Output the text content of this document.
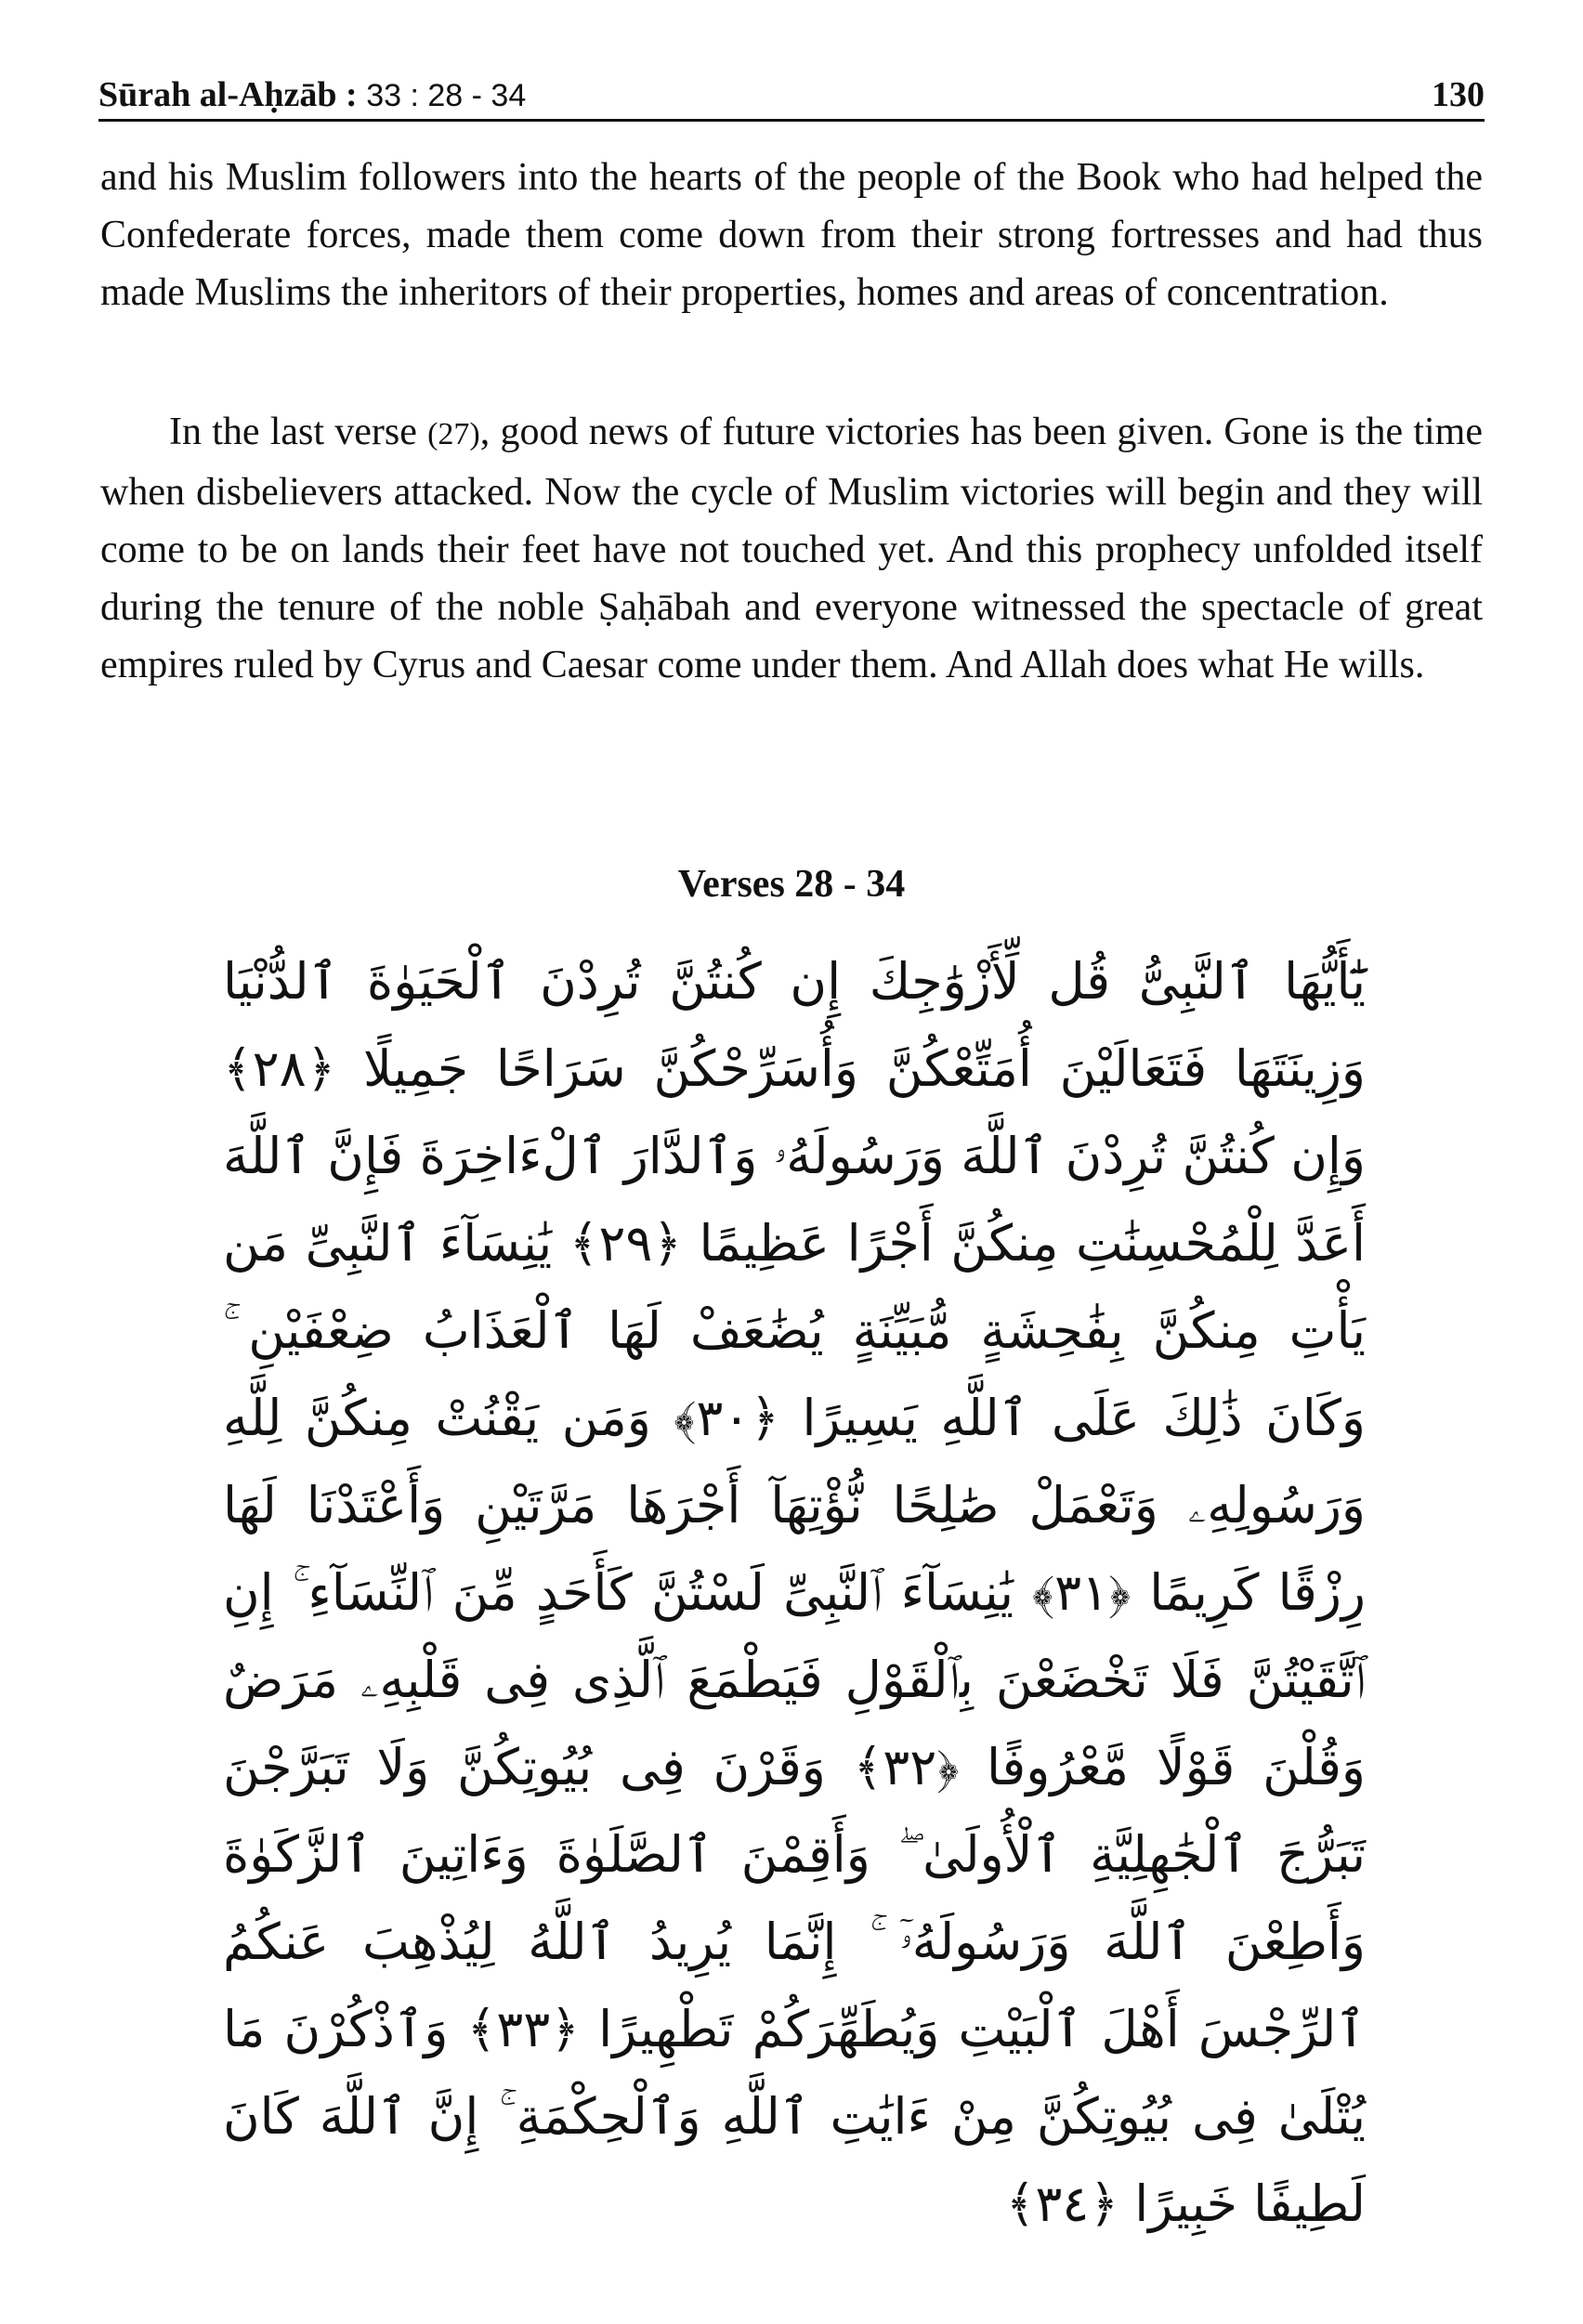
Sūrah al-Aḥzāb : 33 : 28 - 34	130

and his Muslim followers into the hearts of the people of the Book who had helped the Confederate forces, made them come down from their strong fortresses and had thus made Muslims the inheritors of their properties, homes and areas of concentration.

In the last verse (27), good news of future victories has been given. Gone is the time when disbelievers attacked. Now the cycle of Muslim victories will begin and they will come to be on lands their feet have not touched yet. And this prophecy unfolded itself during the tenure of the noble Ṣaḥābah and everyone witnessed the spectacle of great empires ruled by Cyrus and Caesar come under them. And Allah does what He wills.

Verses 28 - 34

يَٰٓأَيُّهَا ٱلنَّبِىُّ قُل لِّأَزْوَٰجِكَ إِن كُنتُنَّ تُرِدْنَ ٱلْحَيَوٰةَ ٱلدُّنْيَا وَزِينَتَهَا فَتَعَالَيْنَ أُمَتِّعْكُنَّ وَأُسَرِّحْكُنَّ سَرَاحًا جَمِيلًا ﴿٢٨﴾ وَإِن كُنتُنَّ تُرِدْنَ ٱللَّهَ وَرَسُولَهُۥ وَٱلدَّارَ ٱلْءَاخِرَةَ فَإِنَّ ٱللَّهَ أَعَدَّ لِلْمُحْسِنَٰتِ مِنكُنَّ أَجْرًا عَظِيمًا ﴿٢٩﴾ يَٰنِسَآءَ ٱلنَّبِىِّ مَن يَأْتِ مِنكُنَّ بِفَٰحِشَةٍ مُّبَيِّنَةٍ يُضَٰعَفْ لَهَا ٱلْعَذَابُ ضِعْفَيْنِ ۚ وَكَانَ ذَٰلِكَ عَلَى ٱللَّهِ يَسِيرًا ﴿٣٠﴾ وَمَن يَقْنُتْ مِنكُنَّ لِلَّهِ وَرَسُولِهِۦ وَتَعْمَلْ صَٰلِحًا نُّؤْتِهَآ أَجْرَهَا مَرَّتَيْنِ وَأَعْتَدْنَا لَهَا رِزْقًا كَرِيمًا ﴿٣١﴾ يَٰنِسَآءَ ٱلنَّبِىِّ لَسْتُنَّ كَأَحَدٍ مِّنَ ٱلنِّسَآءِ ۚ إِنِ ٱتَّقَيْتُنَّ فَلَا تَخْضَعْنَ بِٱلْقَوْلِ فَيَطْمَعَ ٱلَّذِى فِى قَلْبِهِۦ مَرَضٌ وَقُلْنَ قَوْلًا مَّعْرُوفًا ﴿٣٢﴾ وَقَرْنَ فِى بُيُوتِكُنَّ وَلَا تَبَرَّجْنَ تَبَرُّجَ ٱلْجَٰهِلِيَّةِ ٱلْأُولَىٰ ۖ وَأَقِمْنَ ٱلصَّلَوٰةَ وَءَاتِينَ ٱلزَّكَوٰةَ وَأَطِعْنَ ٱللَّهَ وَرَسُولَهُۥٓ ۚ إِنَّمَا يُرِيدُ ٱللَّهُ لِيُذْهِبَ عَنكُمُ ٱلرِّجْسَ أَهْلَ ٱلْبَيْتِ وَيُطَهِّرَكُمْ تَطْهِيرًا ﴿٣٣﴾ وَٱذْكُرْنَ مَا يُتْلَىٰ فِى بُيُوتِكُنَّ مِنْ ءَايَٰتِ ٱللَّهِ وَٱلْحِكْمَةِ ۚ إِنَّ ٱللَّهَ كَانَ لَطِيفًا خَبِيرًا ﴿٣٤﴾
